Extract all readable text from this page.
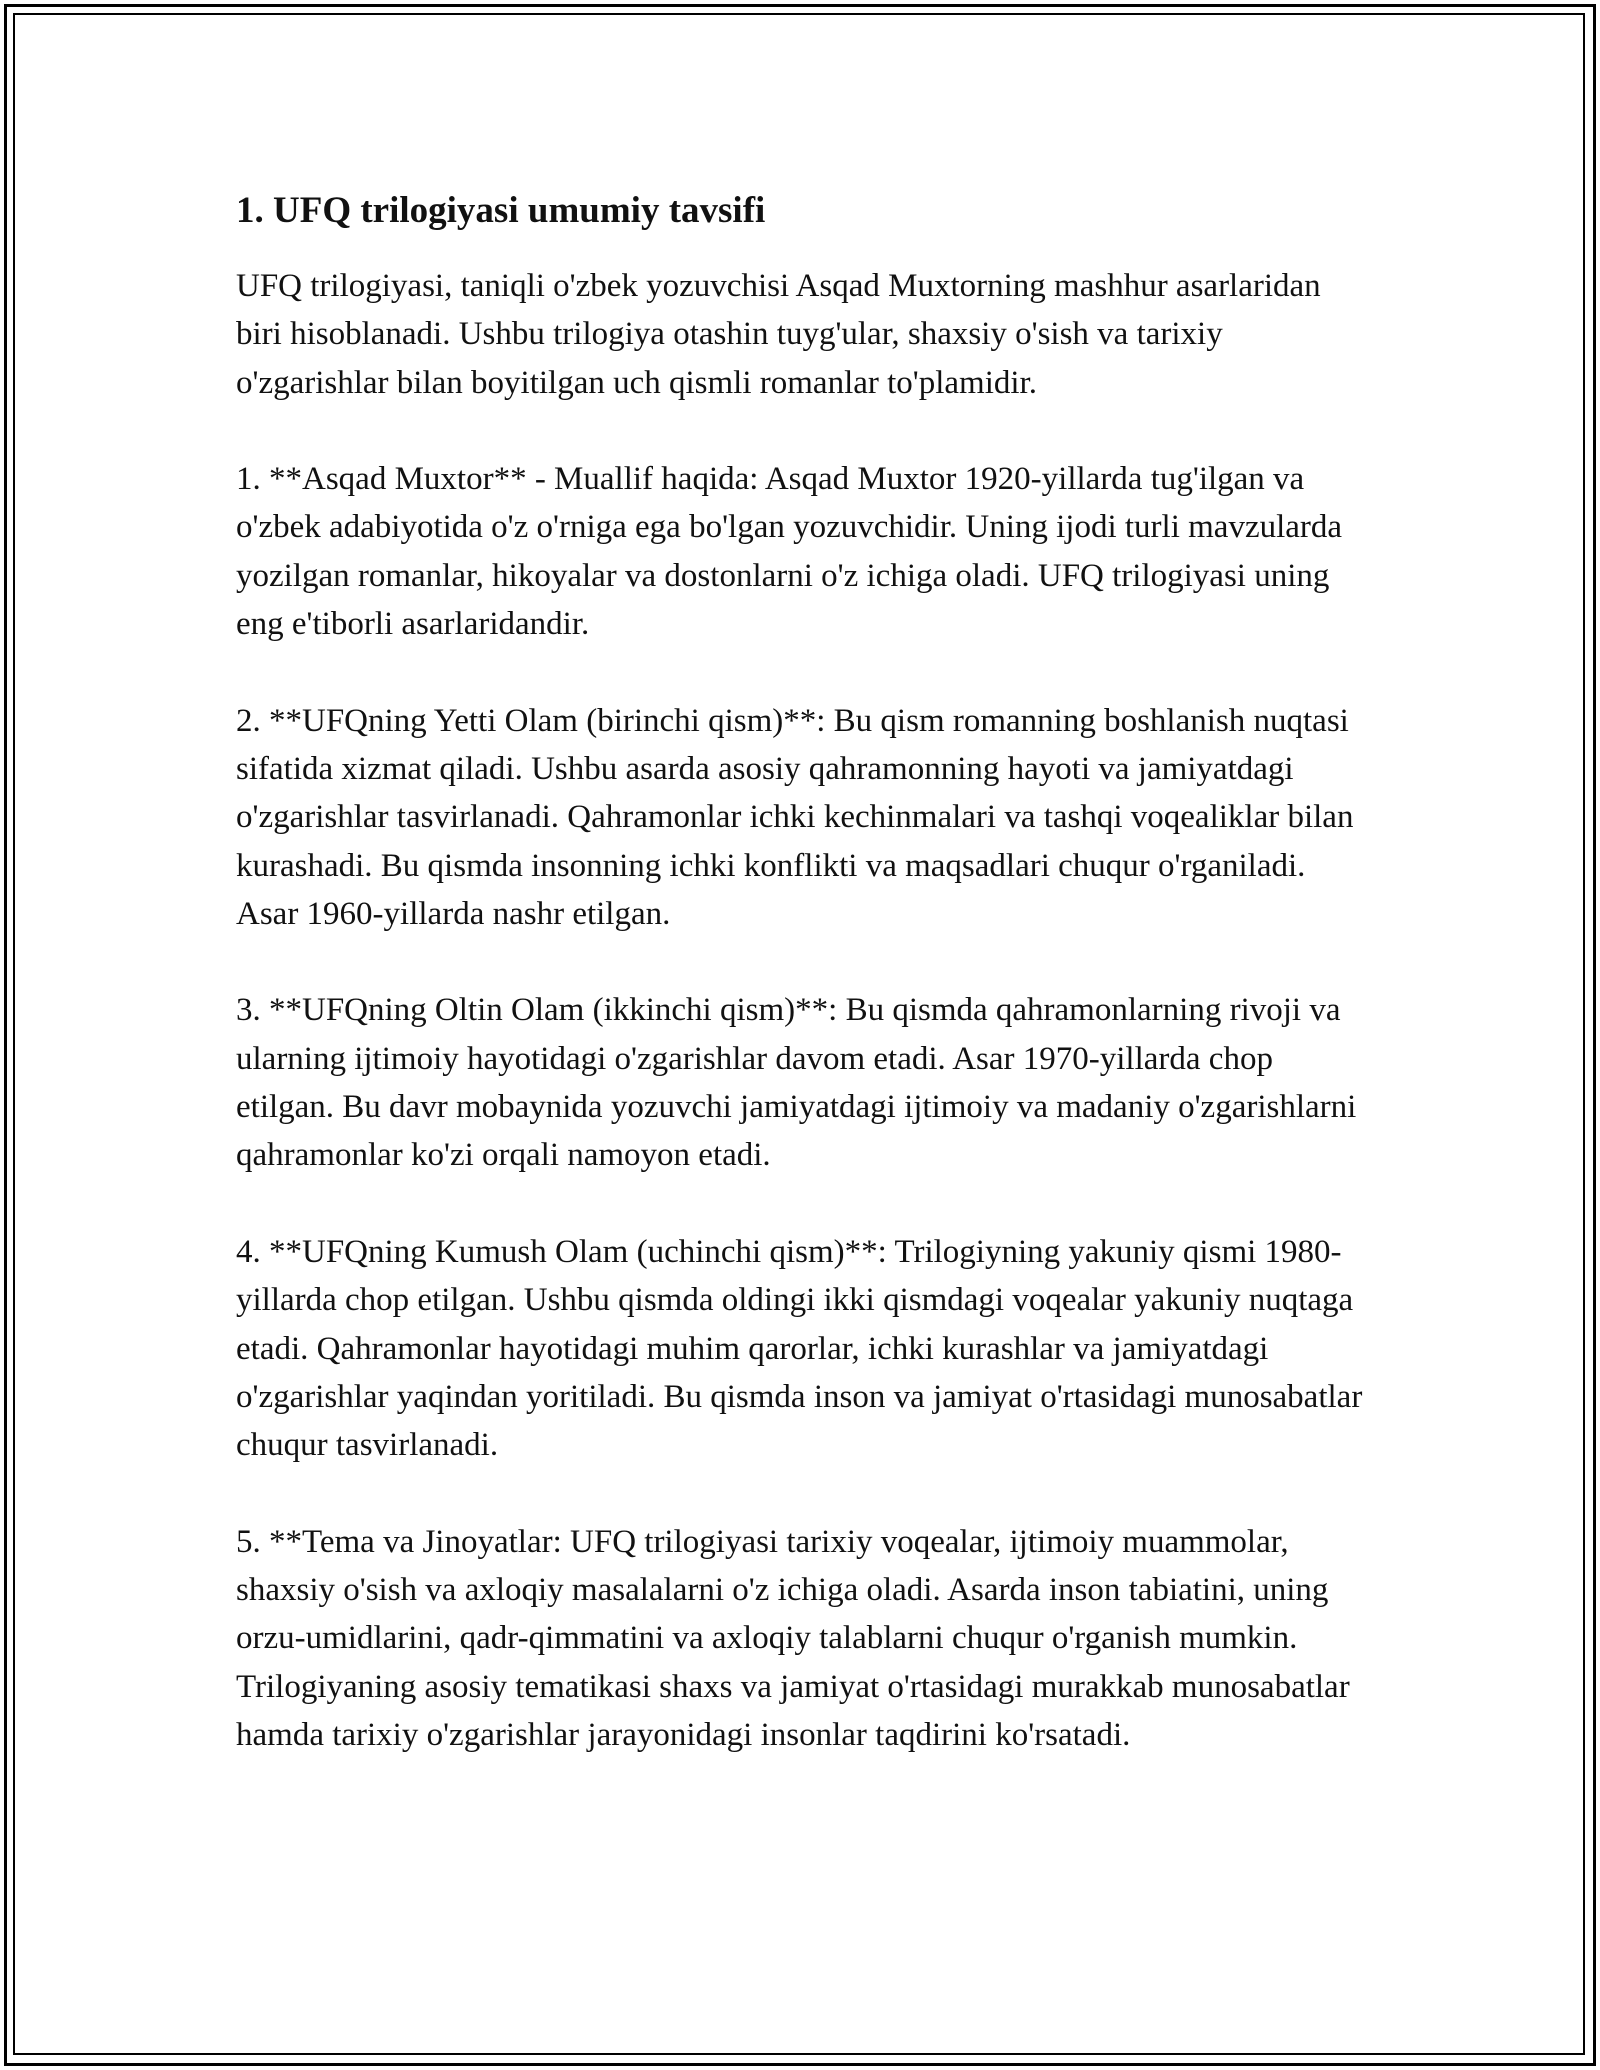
1. UFQ trilogiyasi umumiy tavsifi

UFQ trilogiyasi, taniqli o'zbek yozuvchisi Asqad Muxtorning mashhur asarlaridan biri hisoblanadi. Ushbu trilogiya otashin tuyg'ular, shaxsiy o'sish va tarixiy o'zgarishlar bilan boyitilgan uch qismli romanlar to'plamidir.

1. **Asqad Muxtor** - Muallif haqida: Asqad Muxtor 1920-yillarda tug'ilgan va o'zbek adabiyotida o'z o'rniga ega bo'lgan yozuvchidir. Uning ijodi turli mavzularda yozilgan romanlar, hikoyalar va dostonlarni o'z ichiga oladi. UFQ trilogiyasi uning eng e'tiborli asarlaridandir.

2. **UFQning Yetti Olam (birinchi qism)**: Bu qism romanning boshlanish nuqtasi sifatida xizmat qiladi. Ushbu asarda asosiy qahramonning hayoti va jamiyatdagi o'zgarishlar tasvirlanadi. Qahramonlar ichki kechinmalari va tashqi voqealiklar bilan kurashadi. Bu qismda insonning ichki konflikti va maqsadlari chuqur o'rganiladi. Asar 1960-yillarda nashr etilgan.

3. **UFQning Oltin Olam (ikkinchi qism)**: Bu qismda qahramonlarning rivoji va ularning ijtimoiy hayotidagi o'zgarishlar davom etadi. Asar 1970-yillarda chop etilgan. Bu davr mobaynida yozuvchi jamiyatdagi ijtimoiy va madaniy o'zgarishlarni qahramonlar ko'zi orqali namoyon etadi.

4. **UFQning Kumush Olam (uchinchi qism)**: Trilogiyning yakuniy qismi 1980-yillarda chop etilgan. Ushbu qismda oldingi ikki qismdagi voqealar yakuniy nuqtaga etadi. Qahramonlar hayotidagi muhim qarorlar, ichki kurashlar va jamiyatdagi o'zgarishlar yaqindan yoritiladi. Bu qismda inson va jamiyat o'rtasidagi munosabatlar chuqur tasvirlanadi.

5. **Tema va Jinoyatlar: UFQ trilogiyasi tarixiy voqealar, ijtimoiy muammolar, shaxsiy o'sish va axloqiy masalalarni o'z ichiga oladi. Asarda inson tabiatini, uning orzu-umidlarini, qadr-qimmatini va axloqiy talablarni chuqur o'rganish mumkin. Trilogiyaning asosiy tematikasi shaxs va jamiyat o'rtasidagi murakkab munosabatlar hamda tarixiy o'zgarishlar jarayonidagi insonlar taqdirini ko'rsatadi.
